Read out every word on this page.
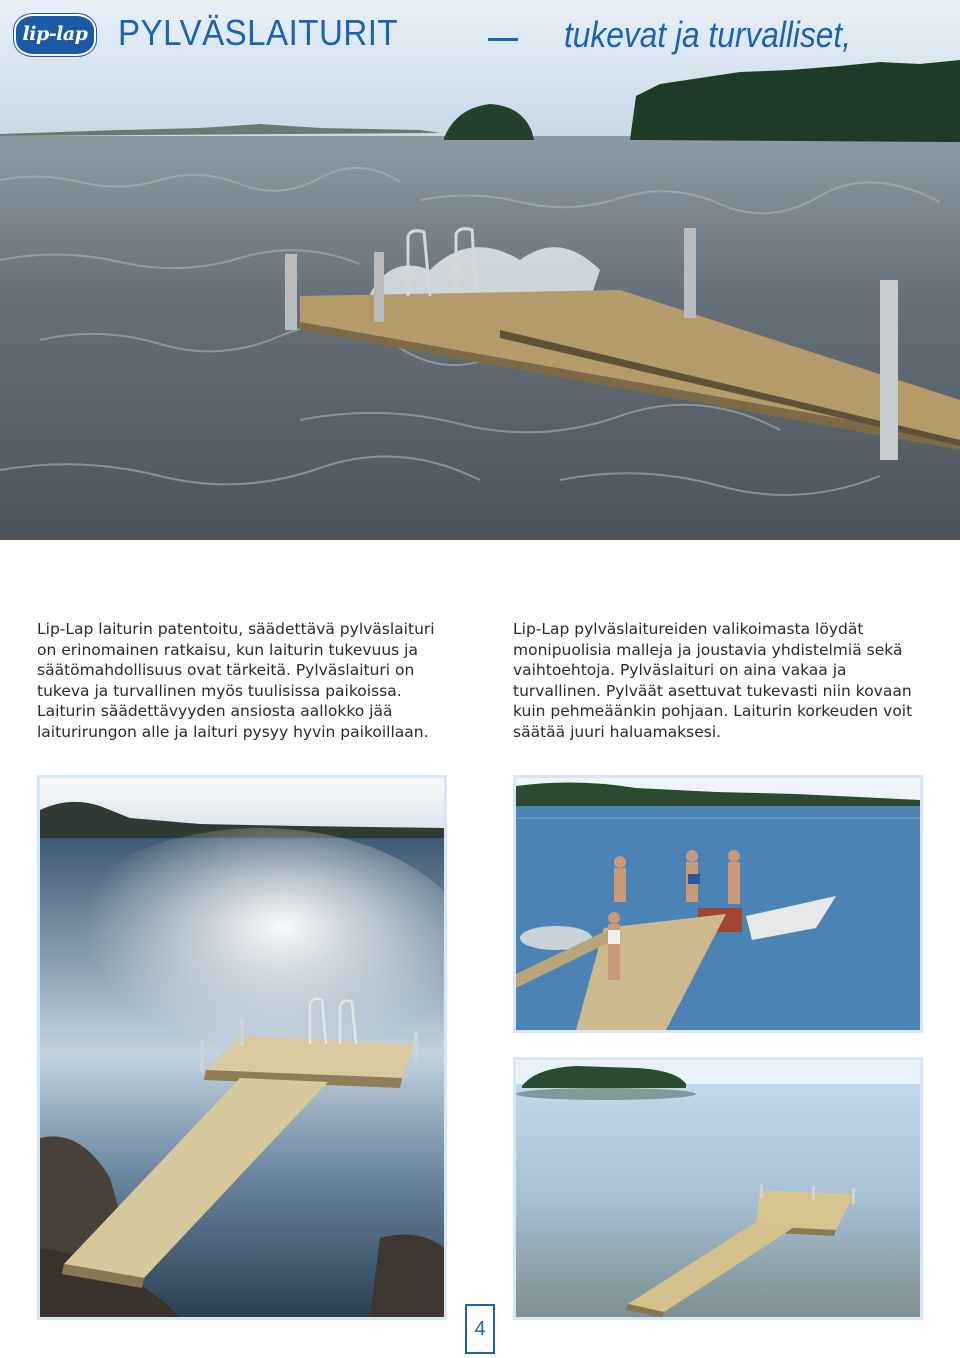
lip-lap PYLVÄSLAITURIT	tukevat ja turvalliset,

Lip-Lap laiturin patentoitu, säädettävä pylväslaituri on erinomainen ratkaisu, kun laiturin tukevuus ja säätömahdollisuus ovat tärkeitä. Pylväslaituri on tukeva ja turvallinen myös tuulisissa paikoissa. Laiturin säädettävyyden ansiosta aallokko jää laiturirungon alle ja laituri pysyy hyvin paikoillaan.

Lip-Lap pylväslaitureiden valikoimasta löydät monipuolisia malleja ja joustavia yhdistelmiä sekä vaihtoehtoja. Pylväslaituri on aina vakaa ja turvallinen. Pylväät asettuvat tukevasti niin kovaan kuin pehmeäänkin pohjaan. Laiturin korkeuden voit säätää juuri haluamaksesi.

4
